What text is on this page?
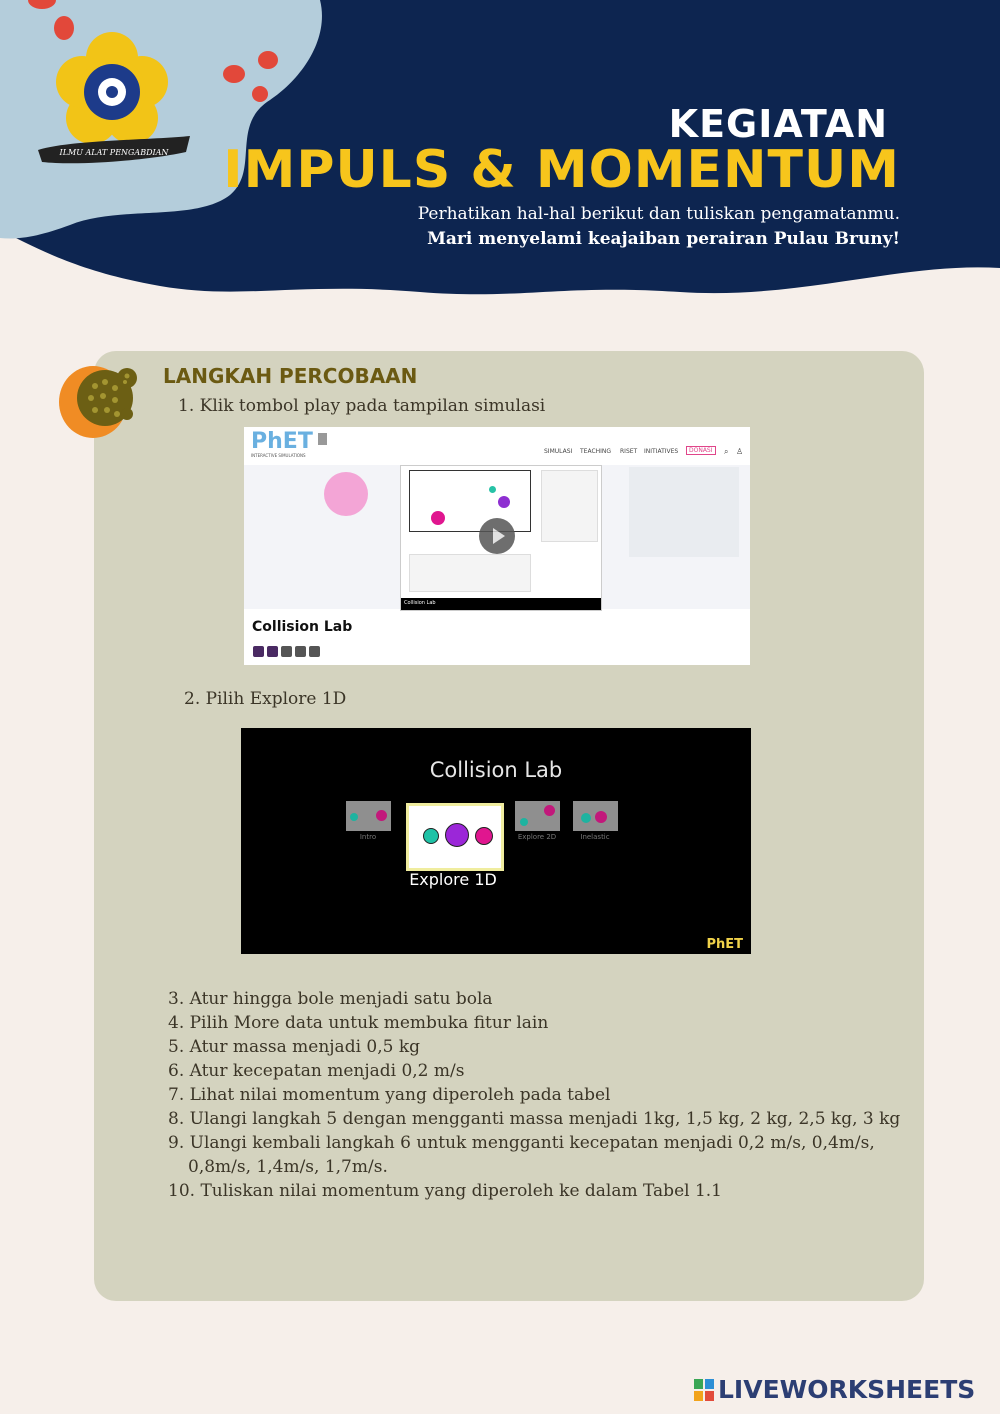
ILMU ALAT PENGABDIAN
KEGIATAN
IMPULS & MOMENTUM
Perhatikan hal-hal berikut dan tuliskan pengamatanmu.
Mari menyelami keajaiban perairan Pulau Bruny!
LANGKAH PERCOBAAN
1. Klik tombol play pada tampilan simulasi
PhET
INTERACTIVE SIMULATIONS
SIMULASI TEACHING RISET INITIATIVES	DONASI	⌕ ♙
Collision Lab
Collision Lab
2. Pilih Explore 1D
Collision Lab
Intro
Explore 1D
Explore 2D	Inelastic
PhET
3. Atur hingga bole menjadi satu bola
4. Pilih More data untuk membuka fitur lain
5. Atur massa menjadi 0,5 kg
6. Atur kecepatan menjadi 0,2 m/s
7. Lihat nilai momentum yang diperoleh pada tabel
8. Ulangi langkah 5 dengan mengganti massa menjadi 1kg, 1,5 kg, 2 kg, 2,5 kg, 3 kg
9. Ulangi kembali langkah 6 untuk mengganti kecepatan menjadi 0,2 m/s, 0,4m/s,
0,8m/s, 1,4m/s, 1,7m/s.
10. Tuliskan nilai momentum yang diperoleh ke dalam Tabel 1.1
LIVEWORKSHEETS
